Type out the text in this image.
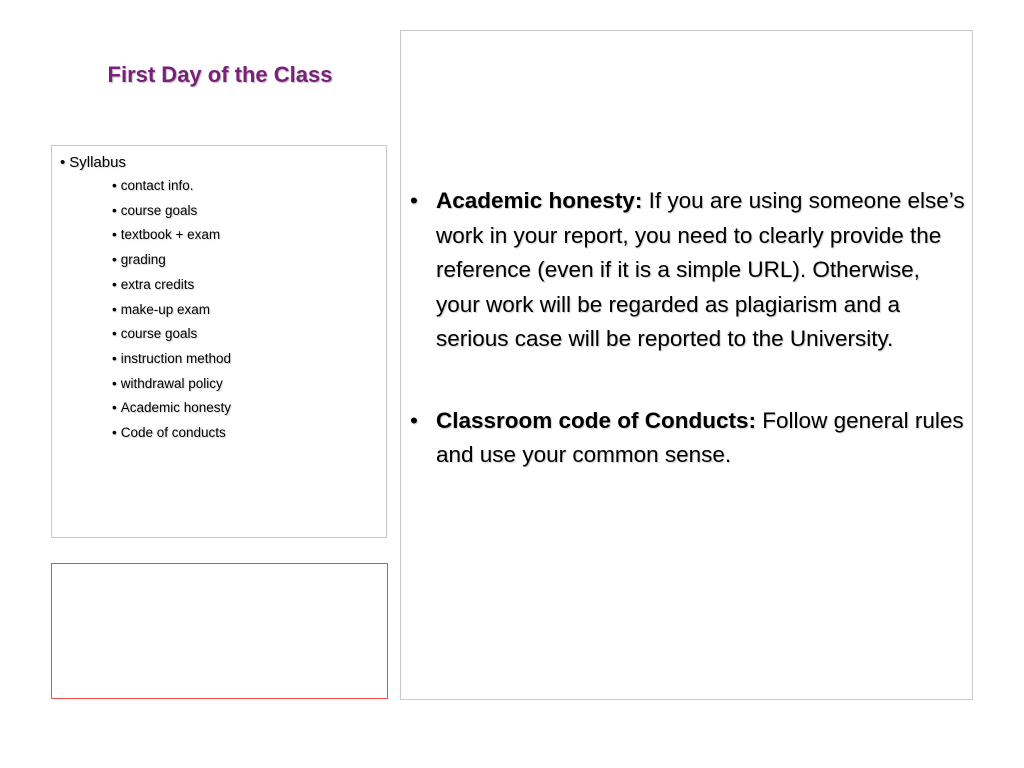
First Day of the Class
• Syllabus
• contact info.
• course goals
• textbook + exam
• grading
• extra credits
• make-up exam
• course goals
• instruction method
• withdrawal policy
• Academic honesty
• Code of conducts
• Academic honesty: If you are using someone else’s work in your report, you need to clearly provide the reference (even if it is a simple URL). Otherwise, your work will be regarded as plagiarism and a serious case will be reported to the University.
• Classroom code of Conducts: Follow general rules and use your common sense.
